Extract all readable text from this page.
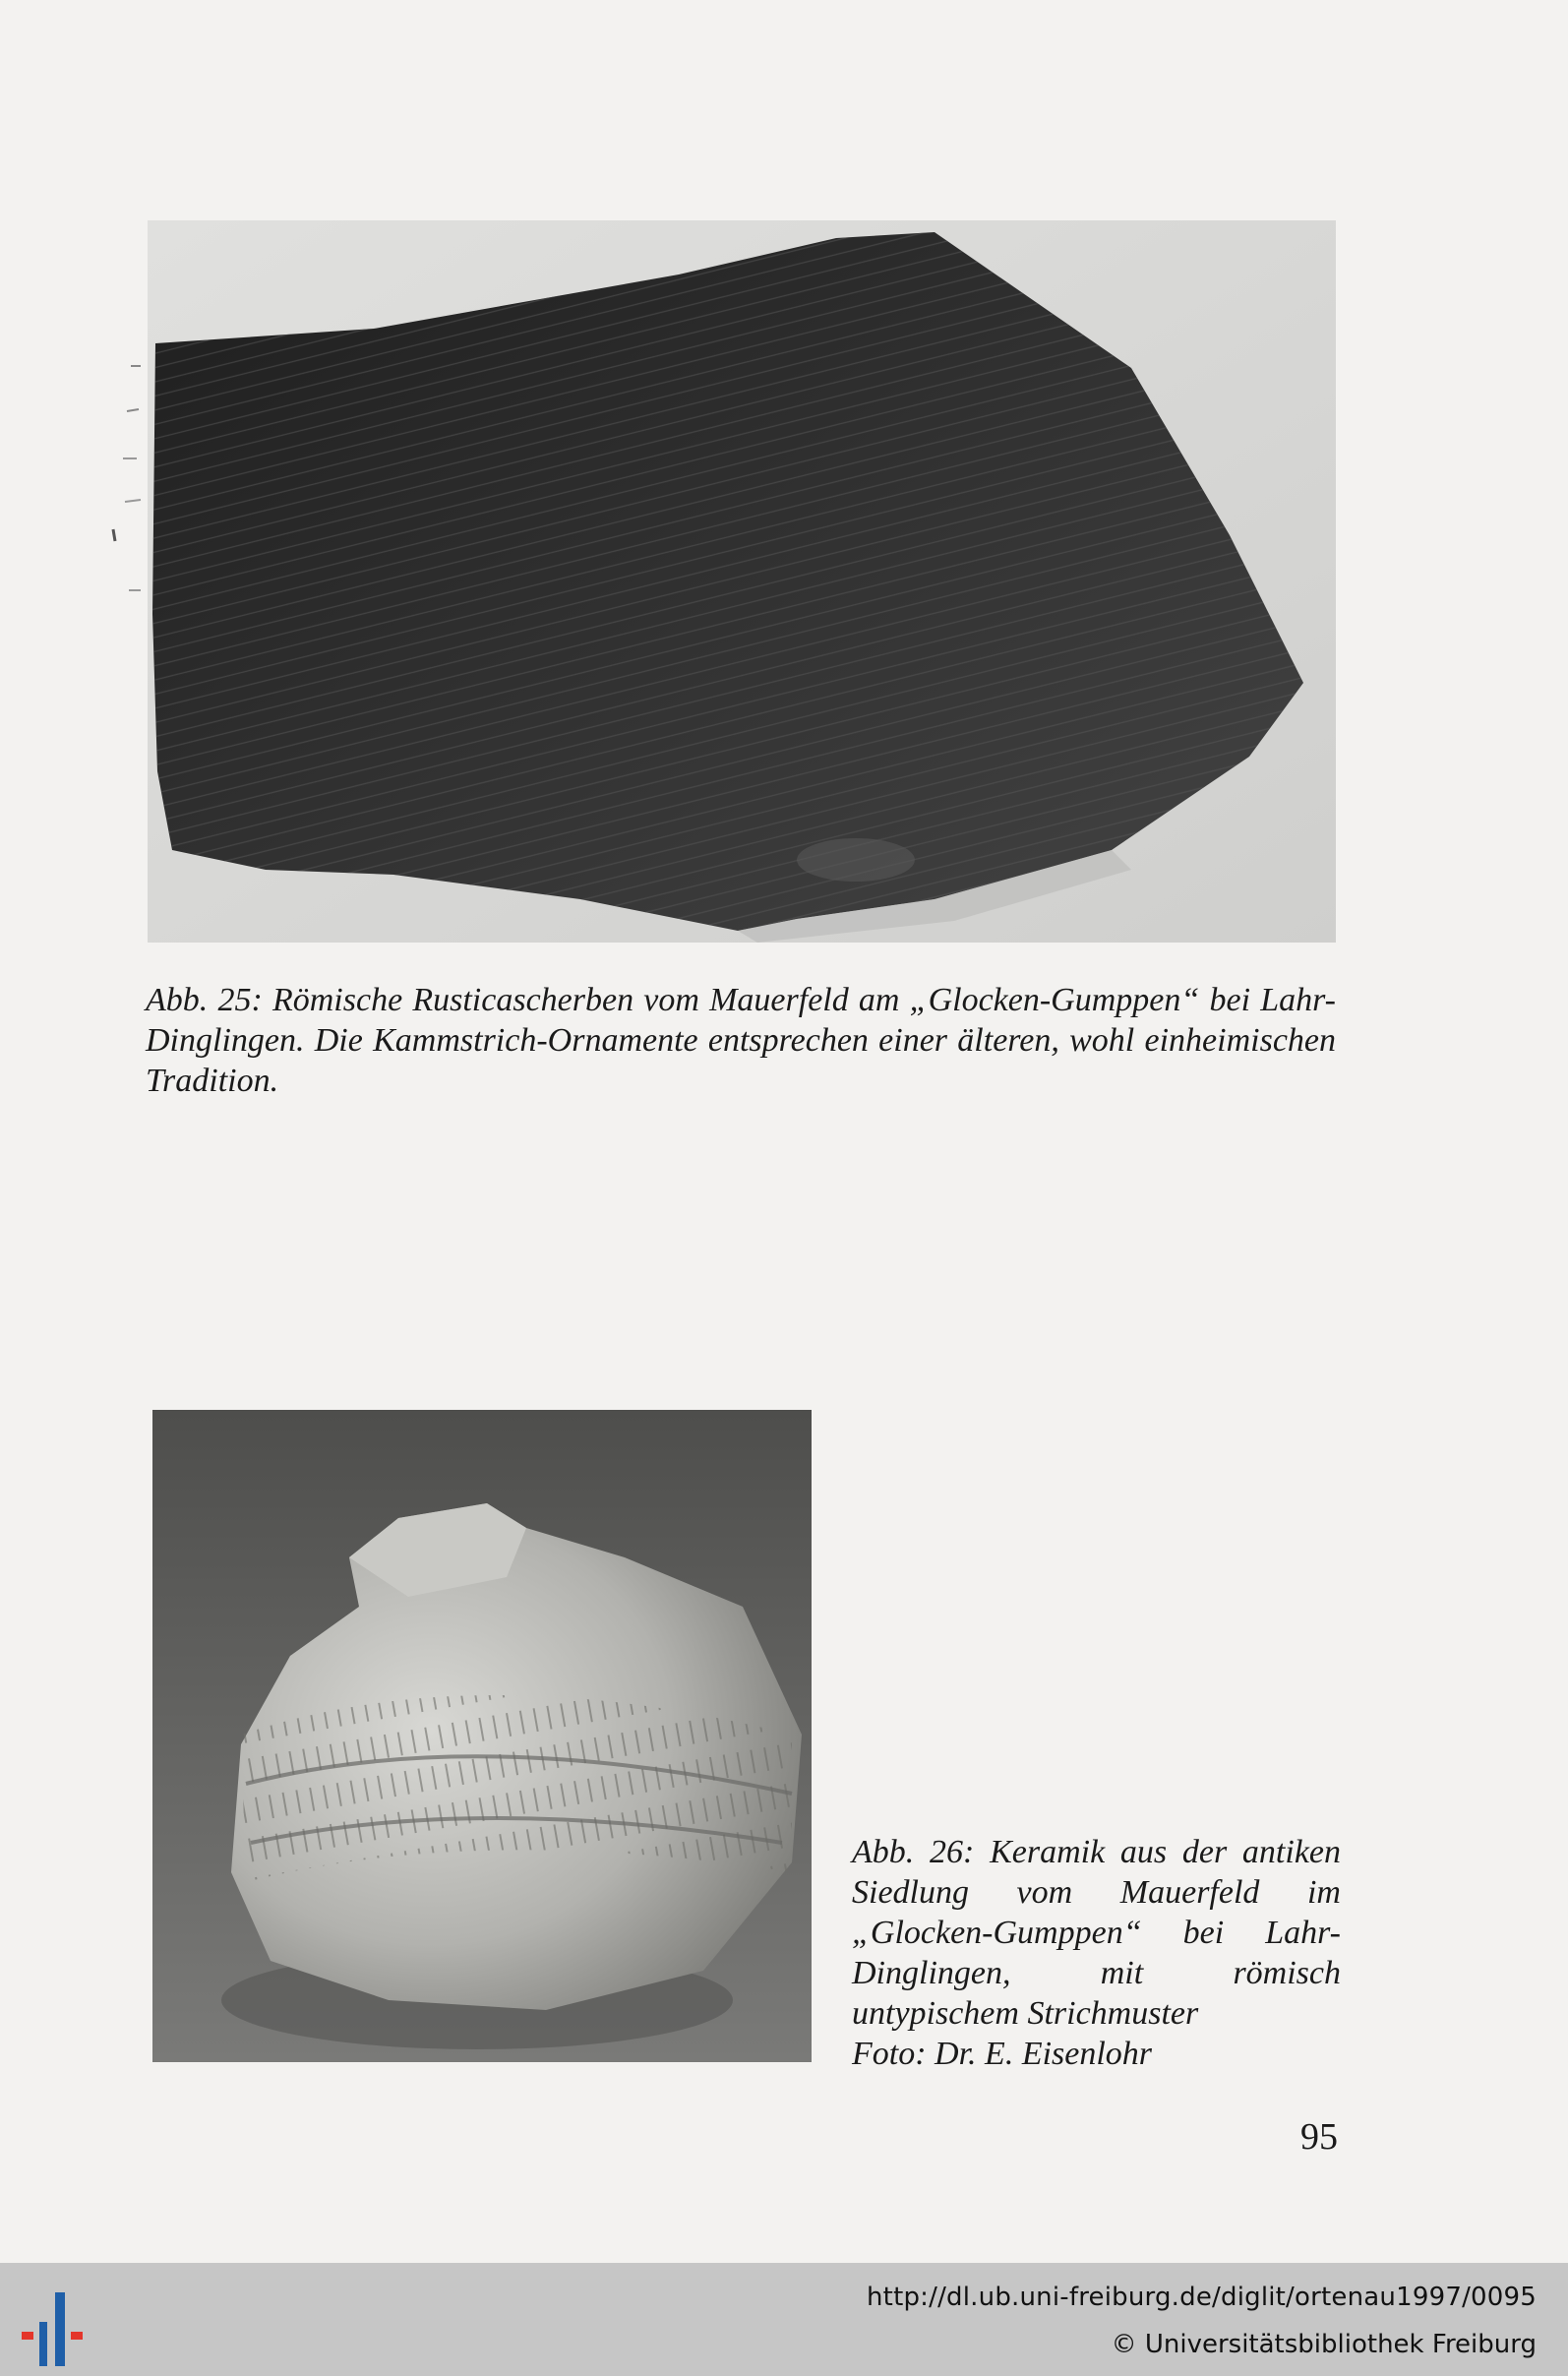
Abb. 25: Römische Rusticascherben vom Mauerfeld am „Glocken-Gumppen“ bei Lahr-Dinglingen. Die Kammstrich-Ornamente entsprechen einer älteren, wohl einheimischen Tradition.

Abb. 26: Keramik aus der antiken Siedlung vom Mauerfeld im „Glocken-Gumppen“ bei Lahr-Dinglingen, mit römisch untypischem Strichmuster
Foto: Dr. E. Eisenlohr

95
http://dl.ub.uni-freiburg.de/diglit/ortenau1997/0095
© Universitätsbibliothek Freiburg
